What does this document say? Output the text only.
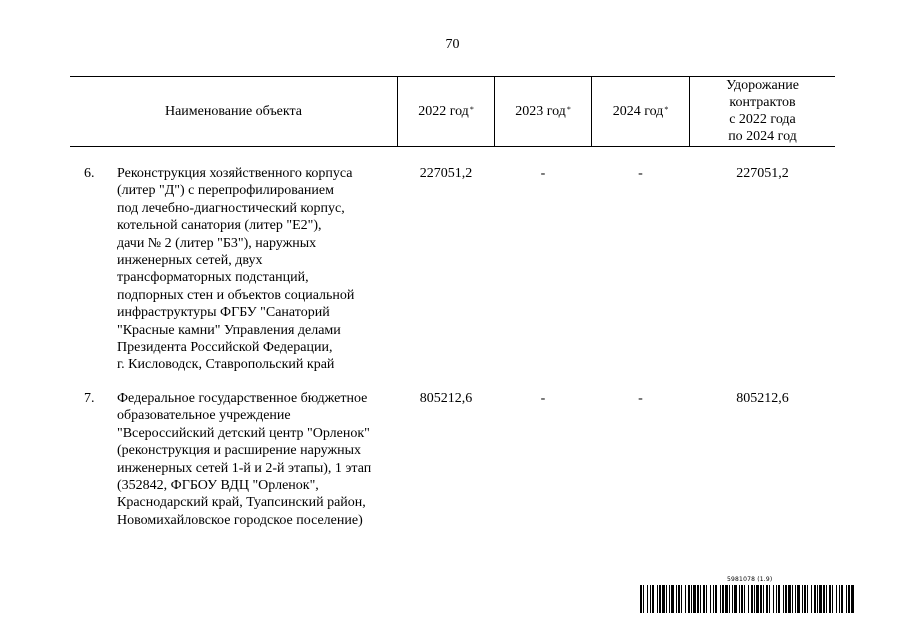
70
Наименование объекта	2022 год*	2023 год*	2024 год*
Удорожание
контрактов
с 2022 года
по 2024 год
6.	Реконструкция хозяйственного корпуса
(литер "Д") с перепрофилированием
под лечебно-диагностический корпус,
котельной санатория (литер "Е2"),
дачи № 2 (литер "Б3"), наружных
инженерных сетей, двух
трансформаторных подстанций,
подпорных стен и объектов социальной
инфраструктуры ФГБУ "Санаторий
"Красные камни" Управления делами
Президента Российской Федерации,
г. Кисловодск, Ставропольский край
227051,2	-	-	227051,2
7.	Федеральное государственное бюджетное
образовательное учреждение
"Всероссийский детский центр "Орленок"
(реконструкция и расширение наружных
инженерных сетей 1-й и 2-й этапы), 1 этап
(352842, ФГБОУ ВДЦ "Орленок",
Краснодарский край, Туапсинский район,
Новомихайловское городское поселение)
805212,6	-	-	805212,6
5981078 (1.9)
